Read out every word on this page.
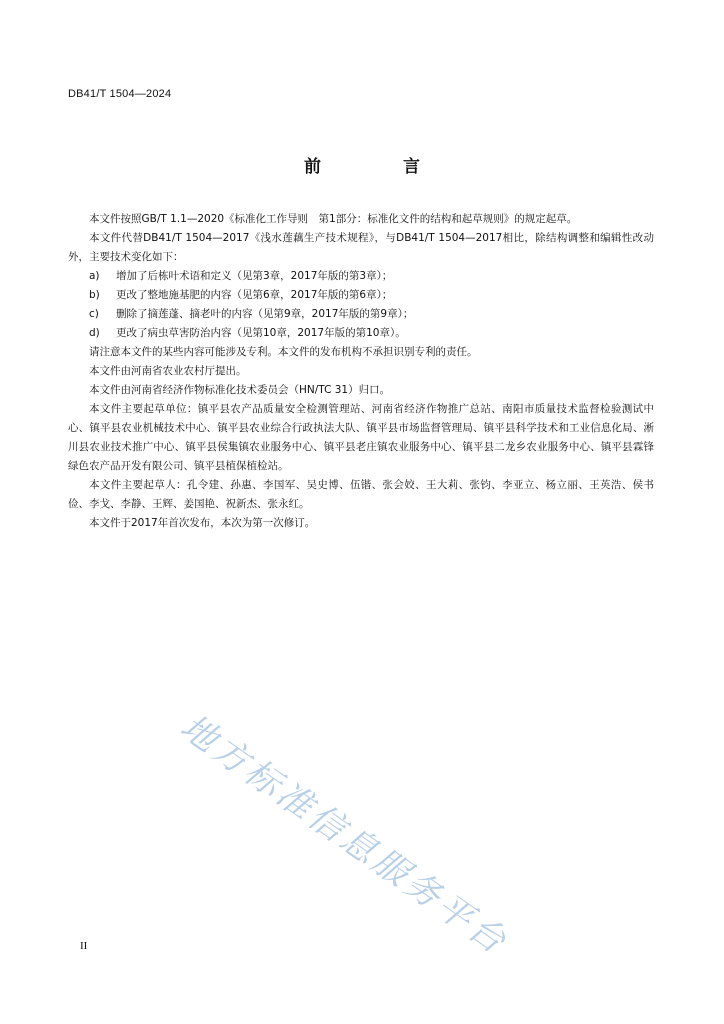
DB41/T 1504—2024
前 言

本文件按照GB/T 1.1—2020《标准化工作导则　第1部分：标准化文件的结构和起草规则》的规定起草。

本文件代替DB41/T 1504—2017《浅水莲藕生产技术规程》，与DB41/T 1504—2017相比，除结构调整和编辑性改动外，主要技术变化如下：

a)	增加了后栋叶术语和定义（见第3章，2017年版的第3章）；
b)	更改了整地施基肥的内容（见第6章，2017年版的第6章）；
c)	删除了摘莲蓬、摘老叶的内容（见第9章，2017年版的第9章）；
d)	更改了病虫草害防治内容（见第10章，2017年版的第10章）。

请注意本文件的某些内容可能涉及专利。本文件的发布机构不承担识别专利的责任。

本文件由河南省农业农村厅提出。

本文件由河南省经济作物标准化技术委员会（HN/TC 31）归口。

本文件主要起草单位：镇平县农产品质量安全检测管理站、河南省经济作物推广总站、南阳市质量技术监督检验测试中心、镇平县农业机械技术中心、镇平县农业综合行政执法大队、镇平县市场监督管理局、镇平县科学技术和工业信息化局、淅川县农业技术推广中心、镇平县侯集镇农业服务中心、镇平县老庄镇农业服务中心、镇平县二龙乡农业服务中心、镇平县霖锋绿色农产品开发有限公司、镇平县植保植检站。

本文件主要起草人：孔令建、孙惠、李国军、吴史博、伍锴、张会姣、王大莉、张钧、李亚立、杨立丽、王英浩、侯书俭、李戈、李静、王辉、姜国艳、祝新杰、张永红。

本文件于2017年首次发布，本次为第一次修订。

地方标准信息服务平台
II
